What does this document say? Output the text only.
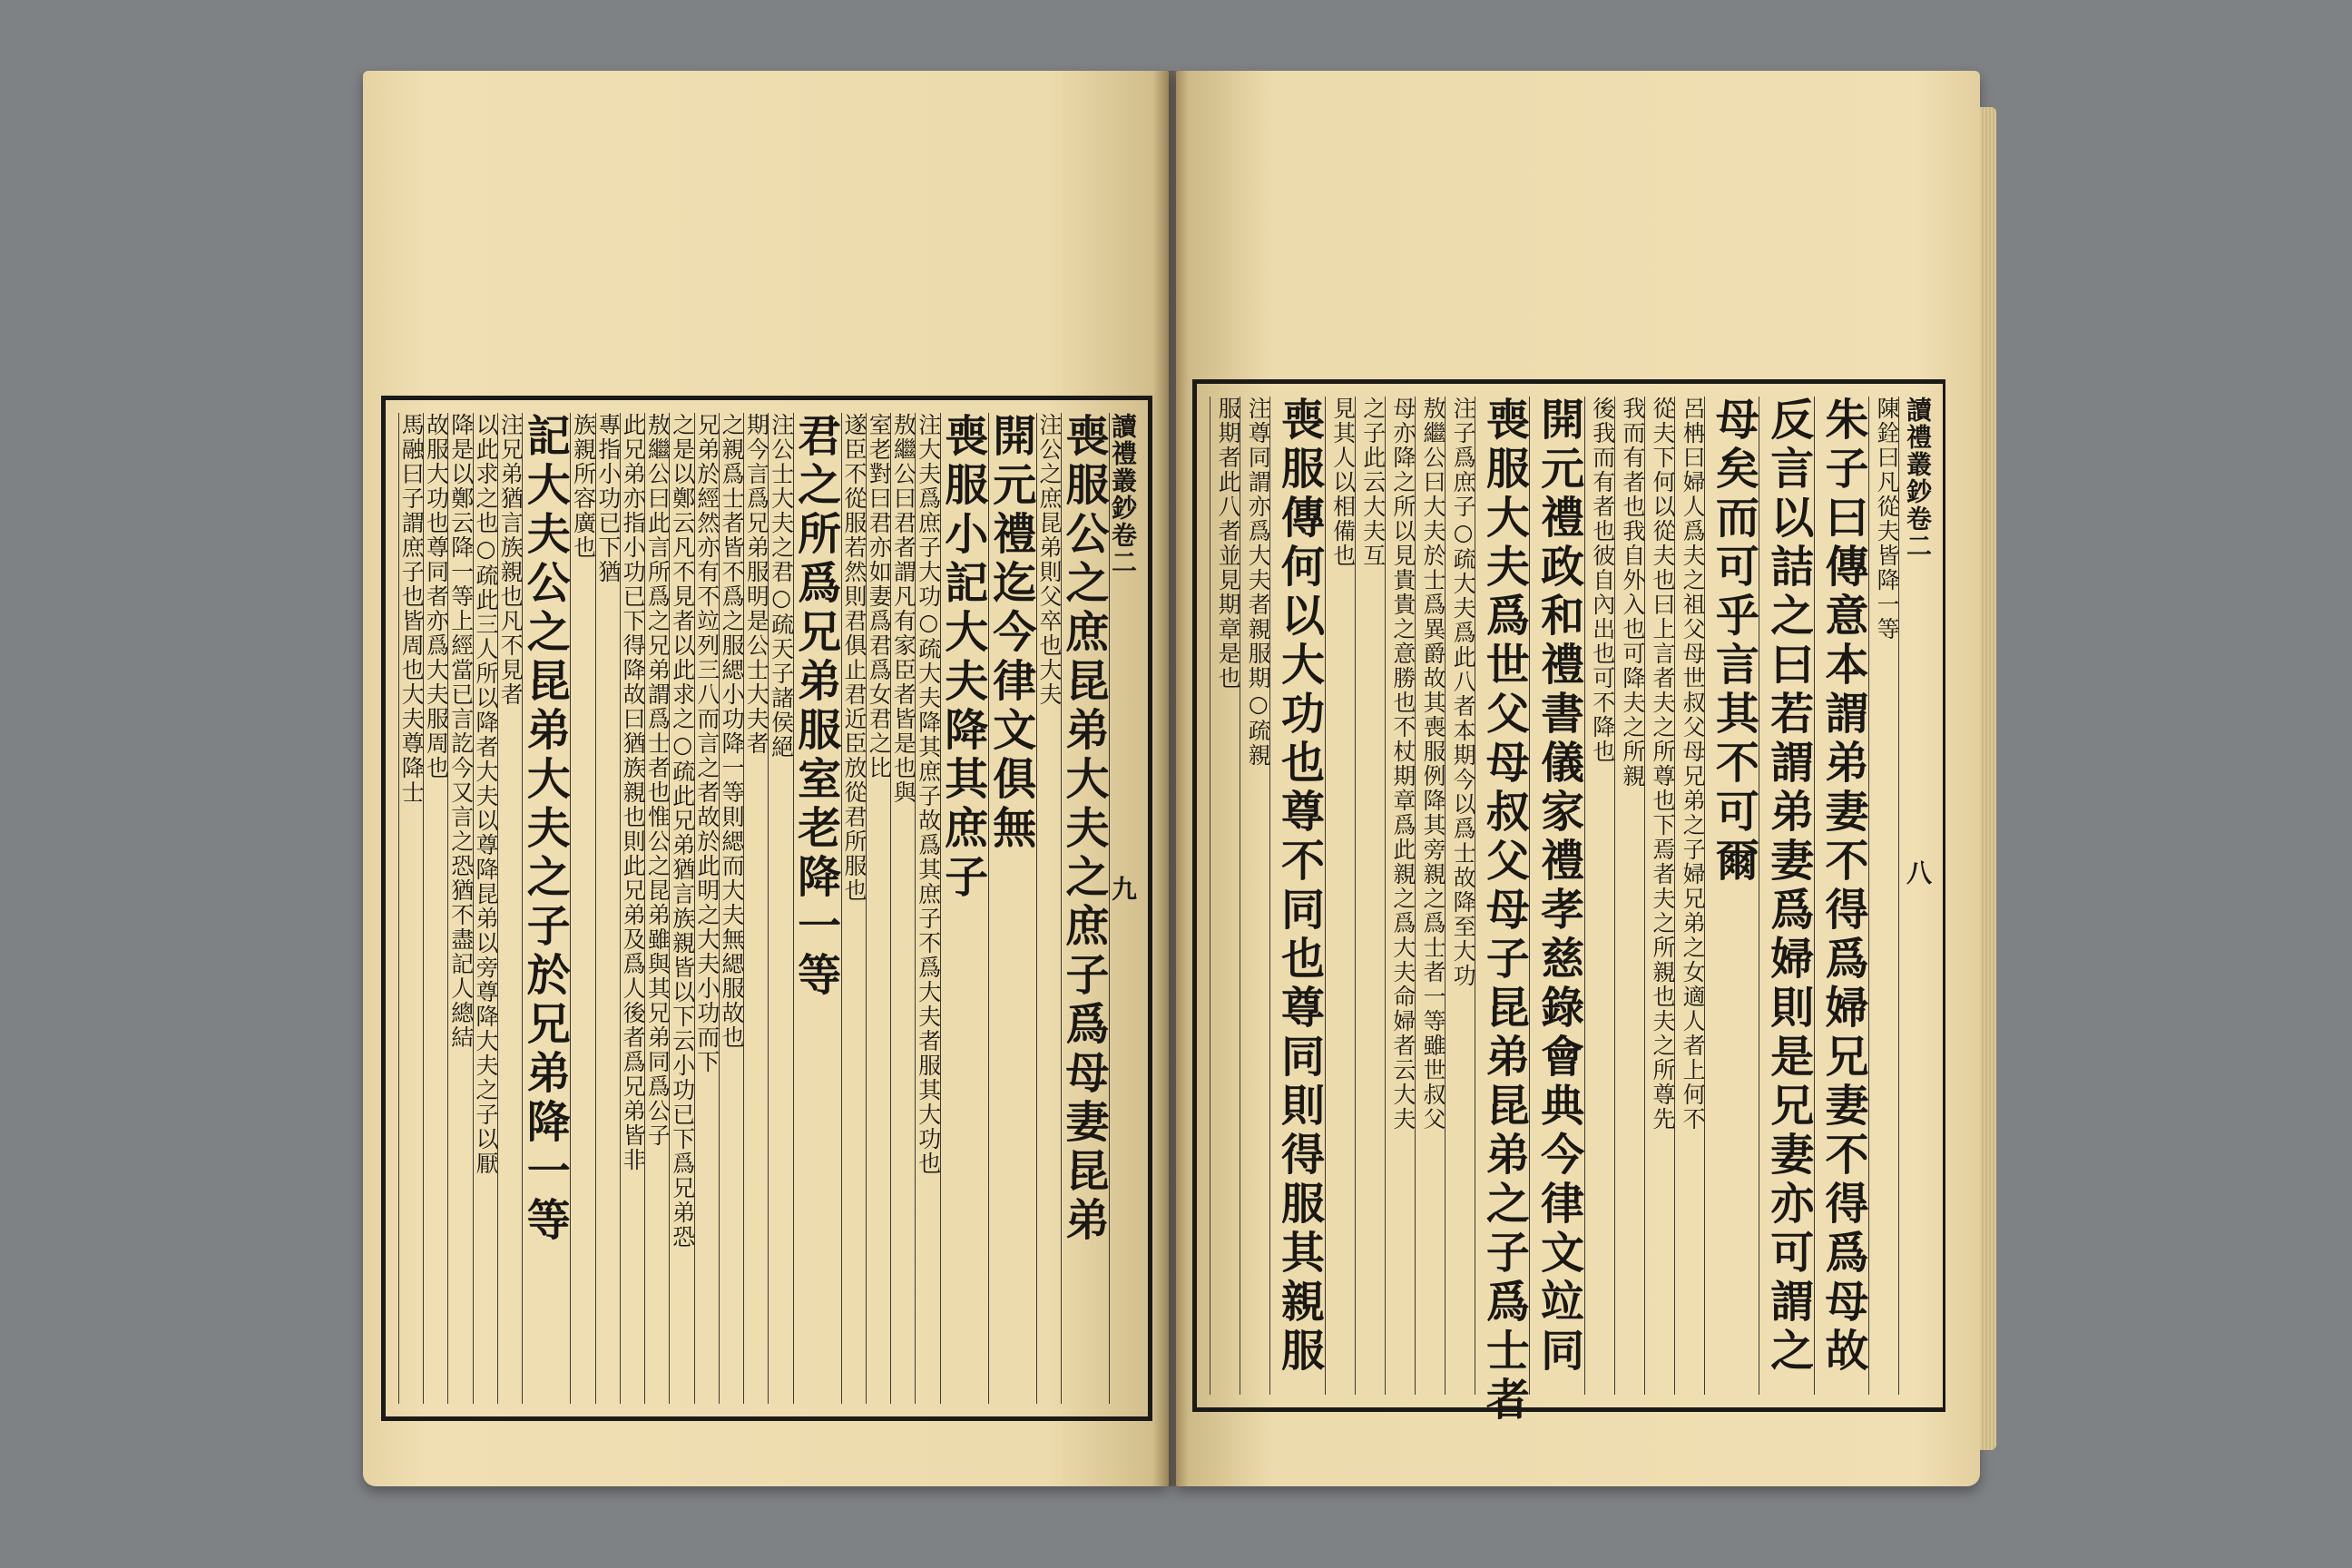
讀禮叢鈔卷二　　　　　　　　　　　九
喪服公之庶昆弟大夫之庶子爲母妻昆弟
注公之庶昆弟則父卒也大夫
開元禮迄今律文俱無
喪服小記大夫降其庶子
注大夫爲庶子大功○疏大夫降其庶子故爲其庶子不爲大夫者服其大功也
敖繼公曰君者謂凡有家臣者皆是也與
室老對曰君亦如妻爲君爲女君之比
遂臣不從服若然則君俱止君近臣放從君所服也
君之所爲兄弟服室老降一等
注公士大夫之君○疏天子諸侯絕
期今言爲兄弟服明是公士大夫者
之親爲士者皆不爲之服緦小功降一等則緦而大夫無緦服故也
兄弟於經然亦有不竝列三八而言之者故於此明之大夫小功而下
之是以鄭云凡不見者以此求之○疏此兄弟猶言族親皆以下云小功已下爲兄弟恐
敖繼公曰此言所爲之兄弟謂爲士者也惟公之昆弟雖與其兄弟同爲公子
此兄弟亦指小功已下得降故曰猶族親也則此兄弟及爲人後者爲兄弟皆非
專指小功已下猶
族親所容廣也
記大夫公之昆弟大夫之子於兄弟降一等
注兄弟猶言族親也凡不見者
以此求之也○疏此三人所以降者大夫以尊降昆弟以旁尊降大夫之子以厭
降是以鄭云降一等上經當已言訖今又言之恐猶不盡記人總結
故服大功也尊同者亦爲大夫服周也
馬融曰子謂庶子也皆周也大夫尊降士	讀禮叢鈔卷二　　　　　　　　　　　八
陳銓曰凡從夫皆降一等
朱子曰傳意本謂弟妻不得爲婦兄妻不得爲母故
反言以詰之曰若謂弟妻爲婦則是兄妻亦可謂之
母矣而可乎言其不可爾
呂柟曰婦人爲夫之祖父母世叔父母兄弟之子婦兄弟之女適人者上何不
從夫下何以從夫也曰上言者夫之所尊也下焉者夫之所親也夫之所尊先
我而有者也我自外入也可降夫之所親
後我而有者也彼自內出也可不降也
開元禮政和禮書儀家禮孝慈錄會典今律文竝同
喪服大夫爲世父母叔父母子昆弟昆弟之子爲士者
注子爲庶子○疏大夫爲此八者本期今以爲士故降至大功
敖繼公曰大夫於士爲異爵故其喪服例降其旁親之爲士者一等雖世叔父
母亦降之所以見貴貴之意勝也不杖期章爲此親之爲大夫命婦者云大夫
之子此云大夫互
見其人以相備也
喪服傳何以大功也尊不同也尊同則得服其親服
注尊同謂亦爲大夫者親服期○疏親
服期者此八者並見期章是也
